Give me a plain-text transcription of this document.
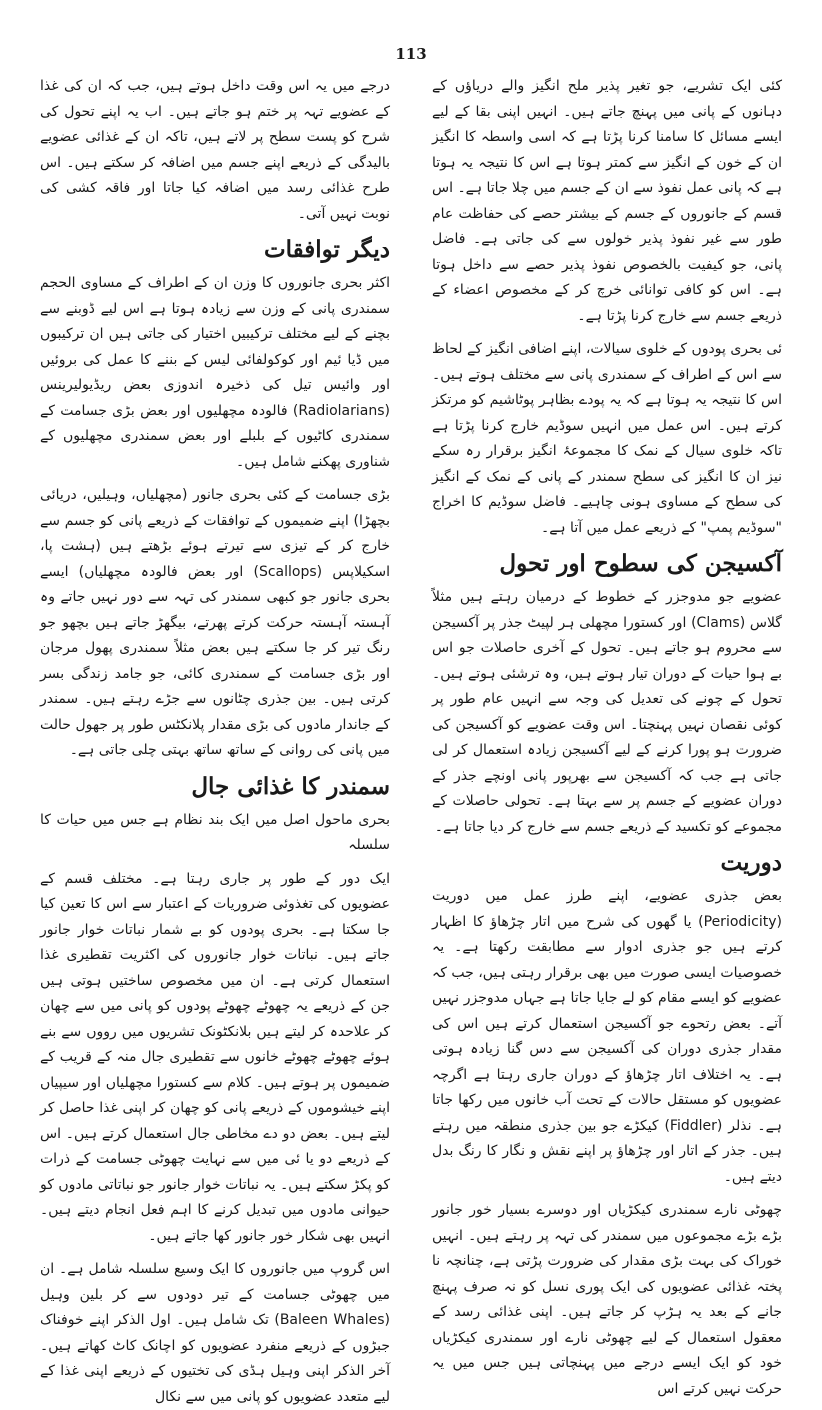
113

کئی ایک تشریے، جو تغیر پذیر ملح انگیز والے دریاؤں کے دہانوں کے پانی میں پہنچ جاتے ہیں۔ انہیں اپنی بقا کے لیے ایسے مسائل کا سامنا کرنا پڑتا ہے کہ اسی واسطہ کا انگیز ان کے خون کے انگیز سے کمتر ہوتا ہے اس کا نتیجہ یہ ہوتا ہے کہ پانی عمل نفوذ سے ان کے جسم میں چلا جاتا ہے۔ اس قسم کے جانوروں کے جسم کے بیشتر حصے کی حفاظت عام طور سے غیر نفوذ پذیر خولوں سے کی جاتی ہے۔ فاضل پانی، جو کیفیت بالخصوص نفوذ پذیر حصے سے داخل ہوتا ہے۔ اس کو کافی توانائی خرچ کر کے مخصوص اعضاء کے ذریعے جسم سے خارج کرنا پڑتا ہے۔

ئی بحری پودوں کے خلوی سیالات، اپنے اضافی انگیز کے لحاظ سے اس کے اطراف کے سمندری پانی سے مختلف ہوتے ہیں۔ اس کا نتیجہ یہ ہوتا ہے کہ یہ پودے بظاہر پوٹاشیم کو مرتکز کرتے ہیں۔ اس عمل میں انہیں سوڈیم خارج کرنا پڑتا ہے تاکہ خلوی سیال کے نمک کا مجموعۂ انگیز برقرار رہ سکے نیز ان کا انگیز کی سطح سمندر کے پانی کے نمک کے انگیز کی سطح کے مساوی ہونی چاہیے۔ فاضل سوڈیم کا اخراج "سوڈیم پمپ" کے ذریعے عمل میں آتا ہے۔

آکسیجن کی سطوح اور تحول

عضویے جو مدوجزر کے خطوط کے درمیان رہتے ہیں مثلاً گلاس (Clams) اور کستورا مچھلی ہر لپیٹ جذر پر آکسیجن سے محروم ہو جاتے ہیں۔ تحول کے آخری حاصلات جو اس بے ہوا حیات کے دوران تیار ہوتے ہیں، وہ ترشئی ہوتے ہیں۔ تحول کے چونے کی تعدیل کی وجہ سے انہیں عام طور پر کوئی نقصان نہیں پہنچتا۔ اس وقت عضویے کو آکسیجن کی ضرورت ہو پورا کرنے کے لیے آکسیجن زیادہ استعمال کر لی جاتی ہے جب کہ آکسیجن سے بھرپور پانی اونچے جذر کے دوران عضویے کے جسم پر سے بہتا ہے۔ تحولی حاصلات کے مجموعے کو تکسید کے ذریعے جسم سے خارج کر دیا جاتا ہے۔

دوریت

بعض جذری عضویے، اپنے طرز عمل میں دوریت (Periodicity) یا گھوں کی شرح میں اتار چڑھاؤ کا اظہار کرتے ہیں جو جذری ادوار سے مطابقت رکھتا ہے۔ یہ خصوصیات ایسی صورت میں بھی برقرار رہتی ہیں، جب کہ عضویے کو ایسے مقام کو لے جایا جاتا ہے جہاں مدوجزر نہیں آتے۔ بعض رتحوے جو آکسیجن استعمال کرتے ہیں اس کی مقدار جذری دوران کی آکسیجن سے دس گنا زیادہ ہوتی ہے۔ یہ اختلاف اتار چڑھاؤ کے دوران جاری رہتا ہے اگرچہ عضویوں کو مستقل حالات کے تحت آب خانوں میں رکھا جاتا ہے۔ نذلر (Fiddler) کیکڑے جو بین جذری منطقہ میں رہتے ہیں۔ جذر کے اتار اور چڑھاؤ پر اپنے نقش و نگار کا رنگ بدل دیتے ہیں۔

چھوٹی نارے سمندری کیکڑیاں اور دوسرے بسیار خور جانور بڑے بڑے مجموعوں میں سمندر کی تہہ پر رہتے ہیں۔ انہیں خوراک کی بہت بڑی مقدار کی ضرورت پڑتی ہے، چنانچہ نا پختہ غذائی عضویوں کی ایک پوری نسل کو نہ صرف پہنچ جانے کے بعد یہ ہڑپ کر جاتے ہیں۔ اپنی غذائی رسد کے معقول استعمال کے لیے چھوٹی نارے اور سمندری کیکڑیاں خود کو ایک ایسے درجے میں پہنچاتی ہیں جس میں یہ حرکت نہیں کرتے اس

درجے میں یہ اس وقت داخل ہوتے ہیں، جب کہ ان کی غذا کے عضویے تہہ پر ختم ہو جاتے ہیں۔ اب یہ اپنے تحول کی شرح کو پست سطح پر لاتے ہیں، تاکہ ان کے غذائی عضویے بالیدگی کے ذریعے اپنے جسم میں اضافہ کر سکتے ہیں۔ اس طرح غذائی رسد میں اضافہ کیا جاتا اور فاقہ کشی کی نوبت نہیں آتی۔

دیگر توافقات

اکثر بحری جانوروں کا وزن ان کے اطراف کے مساوی الحجم سمندری پانی کے وزن سے زیادہ ہوتا ہے اس لیے ڈوبنے سے بچنے کے لیے مختلف ترکیبیں اختیار کی جاتی ہیں ان ترکیبوں میں ڈیا ئیم اور کوکولفائی لیس کے بننے کا عمل کی بروئیں اور وائیس تیل کی ذخیرہ اندوزی بعض ریڈیولیرینس (Radiolarians) فالودہ مچھلیوں اور بعض بڑی جسامت کے سمندری کاٹیوں کے بلبلے اور بعض سمندری مچھلیوں کے شناوری پھکنے شامل ہیں۔

بڑی جسامت کے کئی بحری جانور (مچھلیاں، وہیلیں، دریائی بچھڑا) اپنے ضمیموں کے توافقات کے ذریعے پانی کو جسم سے خارج کر کے تیزی سے تیرتے ہوئے بڑھتے ہیں (ہشت پا، اسکیلاپس (Scallops) اور بعض فالودہ مچھلیاں) ایسے بحری جانور جو کبھی سمندر کی تہہ سے دور نہیں جاتے وہ آہستہ آہستہ حرکت کرتے پھرتے، بیگھڑ جاتے ہیں بچھو جو رنگ تیر کر جا سکتے ہیں بعض مثلاً سمندری پھول مرجان اور بڑی جسامت کے سمندری کائی، جو جامد زندگی بسر کرتی ہیں۔ بین جذری چٹانوں سے جڑے رہتے ہیں۔ سمندر کے جاندار مادوں کی بڑی مقدار پلانکٹس طور پر جھول حالت میں پانی کی روانی کے ساتھ ساتھ بہتی چلی جاتی ہے۔

سمندر کا غذائی جال

بحری ماحول اصل میں ایک بند نظام ہے جس میں حیات کا سلسلہ

ایک دور کے طور پر جاری رہتا ہے۔ مختلف قسم کے عضویوں کی تغذوئی ضروریات کے اعتبار سے اس کا تعین کیا جا سکتا ہے۔ بحری پودوں کو بے شمار نباتات خوار جانور جاتے ہیں۔ نباتات خوار جانوروں کی اکثریت تقطیری غذا استعمال کرتی ہے۔ ان میں مخصوص ساختیں ہوتی ہیں جن کے ذریعے یہ چھوٹے چھوٹے پودوں کو پانی میں سے چھان کر علاحدہ کر لیتے ہیں بلانکٹونک تشریوں میں رووں سے بنے ہوئے چھوٹے چھوٹے خانوں سے تقطیری جال منہ کے قریب کے ضمیموں پر ہوتے ہیں۔ کلام سے کستورا مچھلیاں اور سیپیاں اپنے خیشوموں کے ذریعے پانی کو چھان کر اپنی غذا حاصل کر لیتے ہیں۔ بعض دو دے مخاطی جال استعمال کرتے ہیں۔ اس کے ذریعے دو یا ئی میں سے نہایت چھوٹی جسامت کے ذرات کو پکڑ سکتے ہیں۔ یہ نباتات خوار جانور جو نباتاتی مادوں کو حیوانی مادوں میں تبدیل کرنے کا اہم فعل انجام دیتے ہیں۔ انہیں بھی شکار خور جانور کھا جاتے ہیں۔

اس گروپ میں جانوروں کا ایک وسیع سلسلہ شامل ہے۔ ان میں چھوٹی جسامت کے تیر دودوں سے کر بلین وہیل (Baleen Whales) تک شامل ہیں۔ اول الذکر اپنے خوفناک جبڑوں کے ذریعے منفرد عضویوں کو اچانک کاٹ کھاتے ہیں۔ آخر الذکر اپنی وہیل ہڈی کی تختیوں کے ذریعے اپنی غذا کے لیے متعدد عضویوں کو پانی میں سے نکال
